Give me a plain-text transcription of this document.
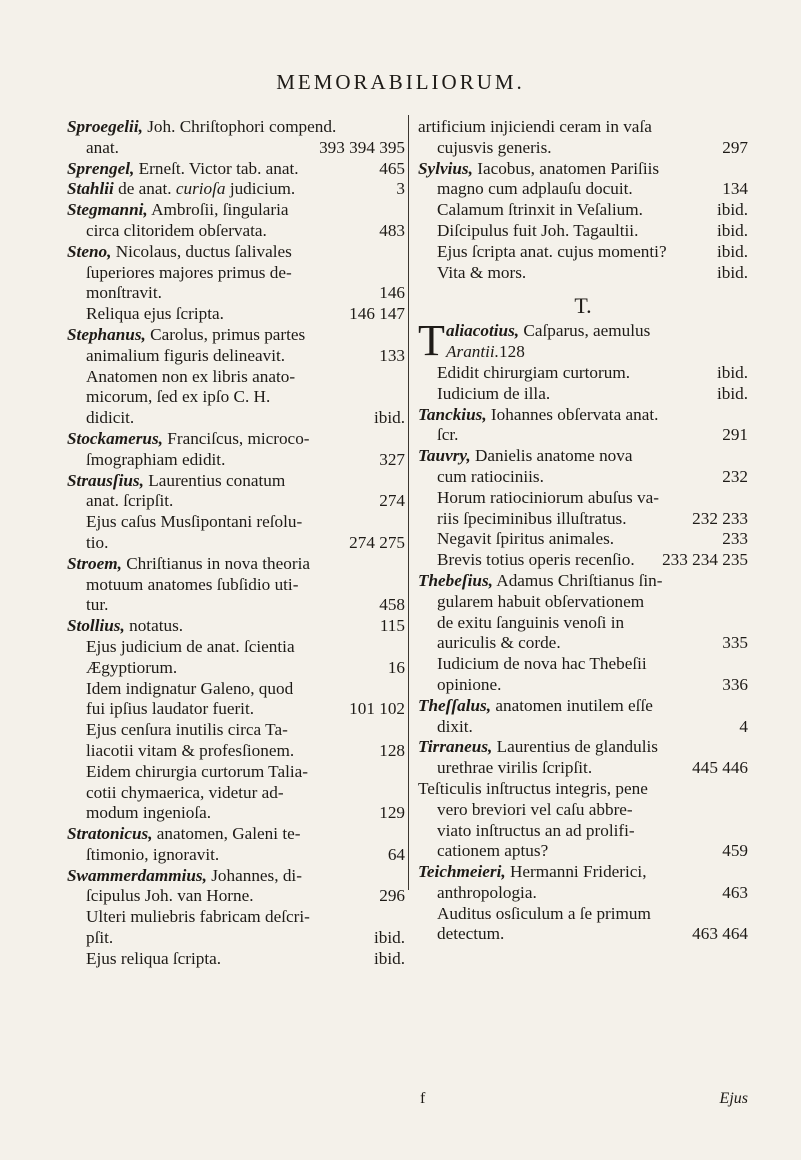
MEMORABILIORUM.
Sproegelii, Joh. Chriſtophori compend.
anat.	393 394 395
Sprengel, Erneſt. Victor tab. anat.	465
Stahlii de anat. curioſa judicium.	3
Stegmanni, Ambroſii, ſingularia
circa clitoridem obſervata.	483
Steno, Nicolaus, ductus ſalivales
ſuperiores majores primus de-
monſtravit.	146
Reliqua ejus ſcripta.	146 147
Stephanus, Carolus, primus partes
animalium figuris delineavit.	133
Anatomen non ex libris anato-
micorum, ſed ex ipſo C. H.
didicit.	ibid.
Stockamerus, Franciſcus, microco-
ſmographiam edidit.	327
Strausſius, Laurentius conatum
anat. ſcripſit.	274
Ejus caſus Musſipontani reſolu-
tio.	274 275
Stroem, Chriſtianus in nova theoria
motuum anatomes ſubſidio uti-
tur.	458
Stollius, notatus.	115
Ejus judicium de anat. ſcientia
Ægyptiorum.	16
Idem indignatur Galeno, quod
fui ipſius laudator fuerit.	101 102
Ejus cenſura inutilis circa Ta-
liacotii vitam & profesſionem.	128
Eidem chirurgia curtorum Talia-
cotii chymaerica, videtur ad-
modum ingenioſa.	129
Stratonicus, anatomen, Galeni te-
ſtimonio, ignoravit.	64
Swammerdammius, Johannes, di-
ſcipulus Joh. van Horne.	296
Ulteri muliebris fabricam deſcri-
pſit.	ibid.
Ejus reliqua ſcripta.	ibid.
artificium injiciendi ceram in vaſa
cujusvis generis.	297
Sylvius, Iacobus, anatomen Pariſiis
magno cum adplauſu docuit.	134
Calamum ſtrinxit in Veſalium.	ibid.
Diſcipulus fuit Joh. Tagaultii.	ibid.
Ejus ſcripta anat. cujus momenti?	ibid.
Vita & mors.	ibid.
T.
T aliacotius, Caſparus, aemulus
Arantii.128
Edidit chirurgiam curtorum.	ibid.
Iudicium de illa.	ibid.
Tanckius, Iohannes obſervata anat.
ſcr.	291
Tauvry, Danielis anatome nova
cum ratiociniis.	232
Horum ratiociniorum abuſus va-
riis ſpeciminibus illuſtratus.	232 233
Negavit ſpiritus animales.	233
Brevis totius operis recenſio. 233 234 235
Thebeſius, Adamus Chriſtianus ſin-
gularem habuit obſervationem
de exitu ſanguinis venoſi in
auriculis & corde.	335
Iudicium de nova hac Thebeſii
opinione.	336
Theſſalus, anatomen inutilem eſſe
dixit.	4
Tirraneus, Laurentius de glandulis
urethrae virilis ſcripſit.	445 446
Teſticulis inſtructus integris, pene
vero breviori vel caſu abbre-
viato inſtructus an ad prolifi-
cationem aptus?	459
Teichmeieri, Hermanni Friderici,
anthropologia.	463
Auditus osſiculum a ſe primum
detectum.	463 464
f	Ejus
